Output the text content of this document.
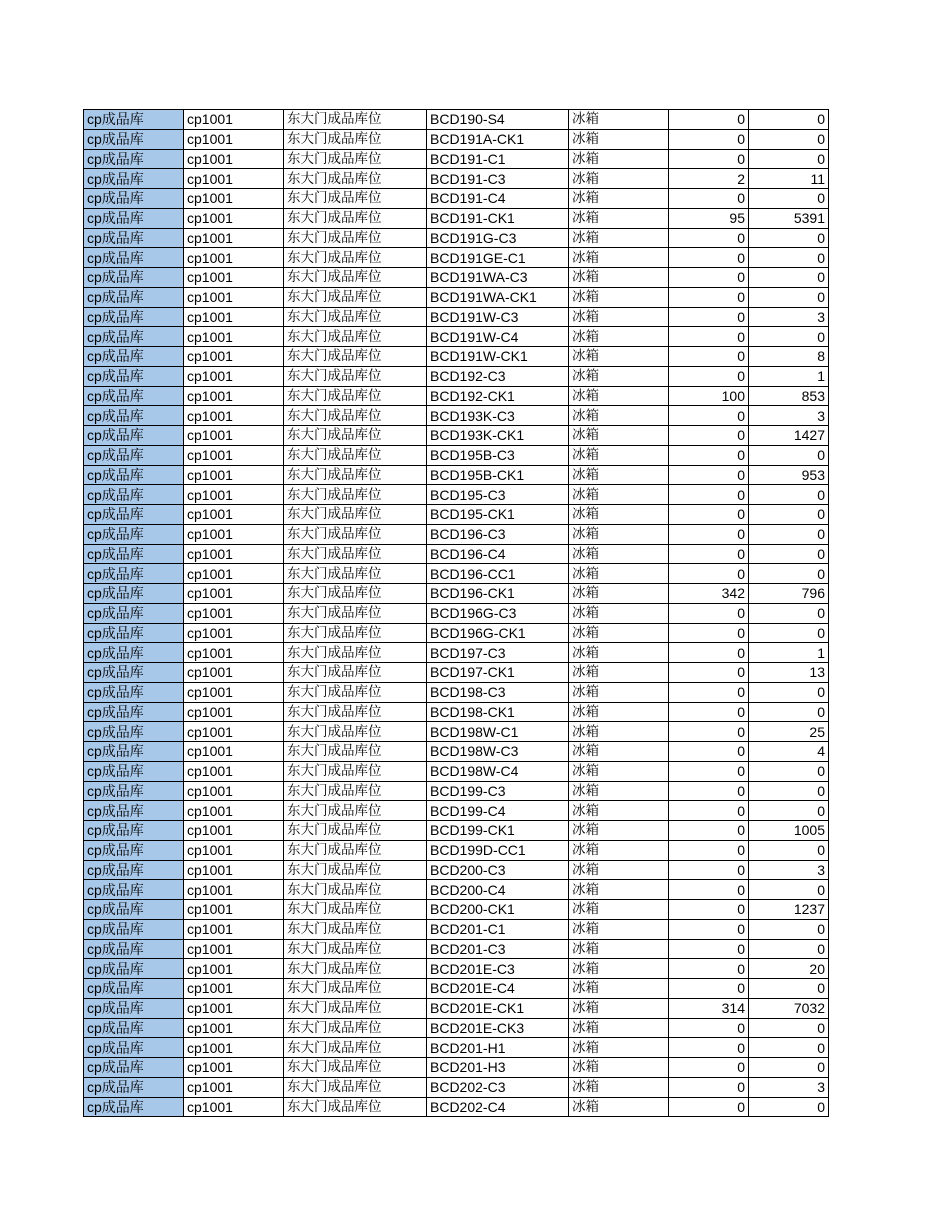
cp成品库	cp1001	东大门成品库位	BCD190-S4	冰箱	0	0
cp成品库	cp1001	东大门成品库位	BCD191A-CK1	冰箱	0	0
cp成品库	cp1001	东大门成品库位	BCD191-C1	冰箱	0	0
cp成品库	cp1001	东大门成品库位	BCD191-C3	冰箱	2	11
cp成品库	cp1001	东大门成品库位	BCD191-C4	冰箱	0	0
cp成品库	cp1001	东大门成品库位	BCD191-CK1	冰箱	95	5391
cp成品库	cp1001	东大门成品库位	BCD191G-C3	冰箱	0	0
cp成品库	cp1001	东大门成品库位	BCD191GE-C1	冰箱	0	0
cp成品库	cp1001	东大门成品库位	BCD191WA-C3	冰箱	0	0
cp成品库	cp1001	东大门成品库位	BCD191WA-CK1	冰箱	0	0
cp成品库	cp1001	东大门成品库位	BCD191W-C3	冰箱	0	3
cp成品库	cp1001	东大门成品库位	BCD191W-C4	冰箱	0	0
cp成品库	cp1001	东大门成品库位	BCD191W-CK1	冰箱	0	8
cp成品库	cp1001	东大门成品库位	BCD192-C3	冰箱	0	1
cp成品库	cp1001	东大门成品库位	BCD192-CK1	冰箱	100	853
cp成品库	cp1001	东大门成品库位	BCD193K-C3	冰箱	0	3
cp成品库	cp1001	东大门成品库位	BCD193K-CK1	冰箱	0	1427
cp成品库	cp1001	东大门成品库位	BCD195B-C3	冰箱	0	0
cp成品库	cp1001	东大门成品库位	BCD195B-CK1	冰箱	0	953
cp成品库	cp1001	东大门成品库位	BCD195-C3	冰箱	0	0
cp成品库	cp1001	东大门成品库位	BCD195-CK1	冰箱	0	0
cp成品库	cp1001	东大门成品库位	BCD196-C3	冰箱	0	0
cp成品库	cp1001	东大门成品库位	BCD196-C4	冰箱	0	0
cp成品库	cp1001	东大门成品库位	BCD196-CC1	冰箱	0	0
cp成品库	cp1001	东大门成品库位	BCD196-CK1	冰箱	342	796
cp成品库	cp1001	东大门成品库位	BCD196G-C3	冰箱	0	0
cp成品库	cp1001	东大门成品库位	BCD196G-CK1	冰箱	0	0
cp成品库	cp1001	东大门成品库位	BCD197-C3	冰箱	0	1
cp成品库	cp1001	东大门成品库位	BCD197-CK1	冰箱	0	13
cp成品库	cp1001	东大门成品库位	BCD198-C3	冰箱	0	0
cp成品库	cp1001	东大门成品库位	BCD198-CK1	冰箱	0	0
cp成品库	cp1001	东大门成品库位	BCD198W-C1	冰箱	0	25
cp成品库	cp1001	东大门成品库位	BCD198W-C3	冰箱	0	4
cp成品库	cp1001	东大门成品库位	BCD198W-C4	冰箱	0	0
cp成品库	cp1001	东大门成品库位	BCD199-C3	冰箱	0	0
cp成品库	cp1001	东大门成品库位	BCD199-C4	冰箱	0	0
cp成品库	cp1001	东大门成品库位	BCD199-CK1	冰箱	0	1005
cp成品库	cp1001	东大门成品库位	BCD199D-CC1	冰箱	0	0
cp成品库	cp1001	东大门成品库位	BCD200-C3	冰箱	0	3
cp成品库	cp1001	东大门成品库位	BCD200-C4	冰箱	0	0
cp成品库	cp1001	东大门成品库位	BCD200-CK1	冰箱	0	1237
cp成品库	cp1001	东大门成品库位	BCD201-C1	冰箱	0	0
cp成品库	cp1001	东大门成品库位	BCD201-C3	冰箱	0	0
cp成品库	cp1001	东大门成品库位	BCD201E-C3	冰箱	0	20
cp成品库	cp1001	东大门成品库位	BCD201E-C4	冰箱	0	0
cp成品库	cp1001	东大门成品库位	BCD201E-CK1	冰箱	314	7032
cp成品库	cp1001	东大门成品库位	BCD201E-CK3	冰箱	0	0
cp成品库	cp1001	东大门成品库位	BCD201-H1	冰箱	0	0
cp成品库	cp1001	东大门成品库位	BCD201-H3	冰箱	0	0
cp成品库	cp1001	东大门成品库位	BCD202-C3	冰箱	0	3
cp成品库	cp1001	东大门成品库位	BCD202-C4	冰箱	0	0
